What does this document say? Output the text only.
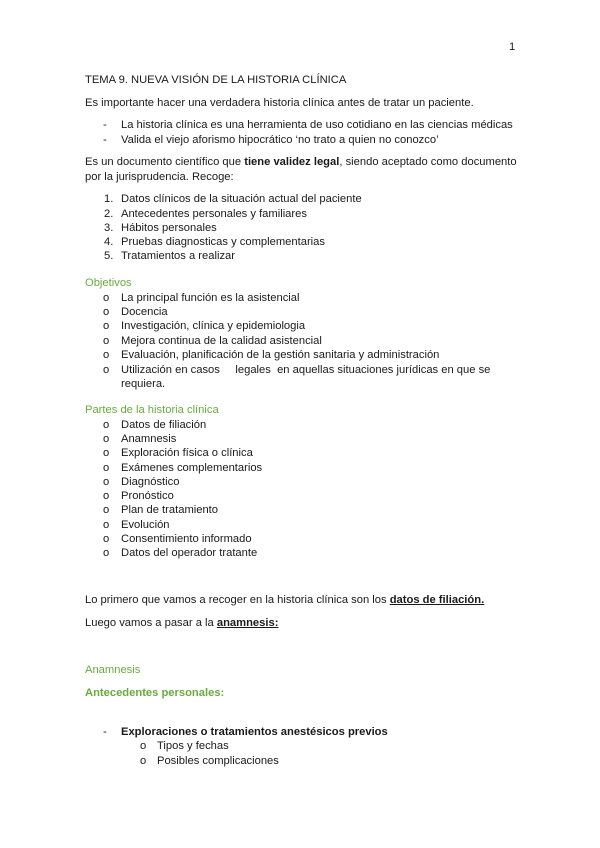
1
TEMA 9. NUEVA VISIÓN DE LA HISTORIA CLÍNICA
Es importante hacer una verdadera historia clínica antes de tratar un paciente.
- La historia clínica es una herramienta de uso cotidiano en las ciencias médicas
- Valida el viejo aforismo hipocrático ‘no trato a quien no conozco’
Es un documento científico que tiene validez legal, siendo aceptado como documento
por la jurisprudencia. Recoge:
1. Datos clínicos de la situación actual del paciente
2. Antecedentes personales y familiares
3. Hábitos personales
4. Pruebas diagnosticas y complementarias
5. Tratamientos a realizar
Objetivos
o La principal función es la asistencial
o Docencia
o Investigación, clínica y epidemiologia
o Mejora continua de la calidad asistencial
o Evaluación, planificación de la gestión sanitaria y administración
o Utilización en casos     legales  en aquellas situaciones jurídicas en que se
requiera.
Partes de la historia clínica
o Datos de filiación
o Anamnesis
o Exploración física o clínica
o Exámenes complementarios
o Diagnóstico
o Pronóstico
o Plan de tratamiento
o Evolución
o Consentimiento informado
o Datos del operador tratante
Lo primero que vamos a recoger en la historia clínica son los datos de filiación.
Luego vamos a pasar a la anamnesis:
Anamnesis
Antecedentes personales:
- Exploraciones o tratamientos anestésicos previos
o Tipos y fechas
o Posibles complicaciones
